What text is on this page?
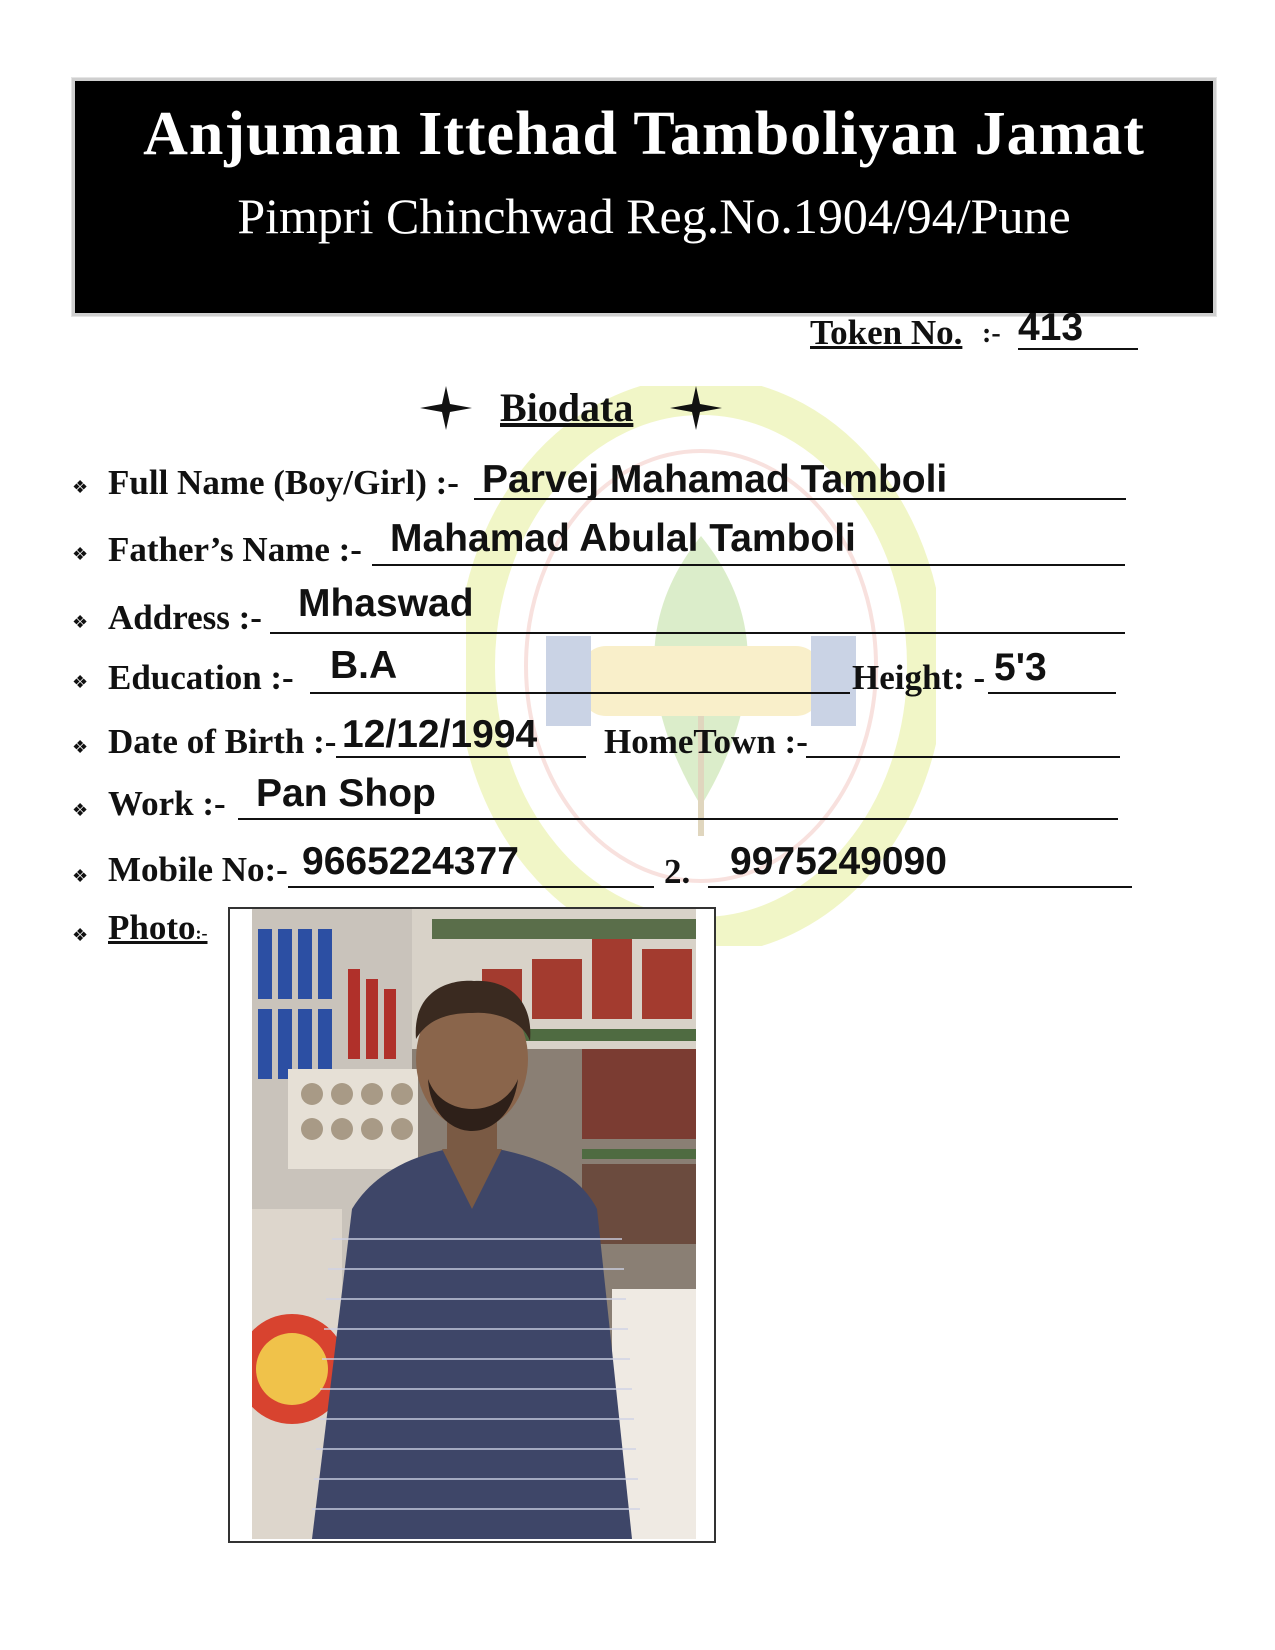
Anjuman Ittehad Tamboliyan Jamat
Pimpri Chinchwad Reg.No.1904/94/Pune
Token No. :- 413
Biodata
❖ Full Name (Boy/Girl) :- Parvej Mahamad Tamboli
❖ Father’s Name :- Mahamad Abulal Tamboli
❖ Address :- Mhaswad
❖ Education :- B.A	Height: - 5'3
❖ Date of Birth :- 12/12/1994 HomeTown :-
❖ Work :- Pan Shop
❖ Mobile No:- 9665224377	2. 9975249090
❖ Photo:-
